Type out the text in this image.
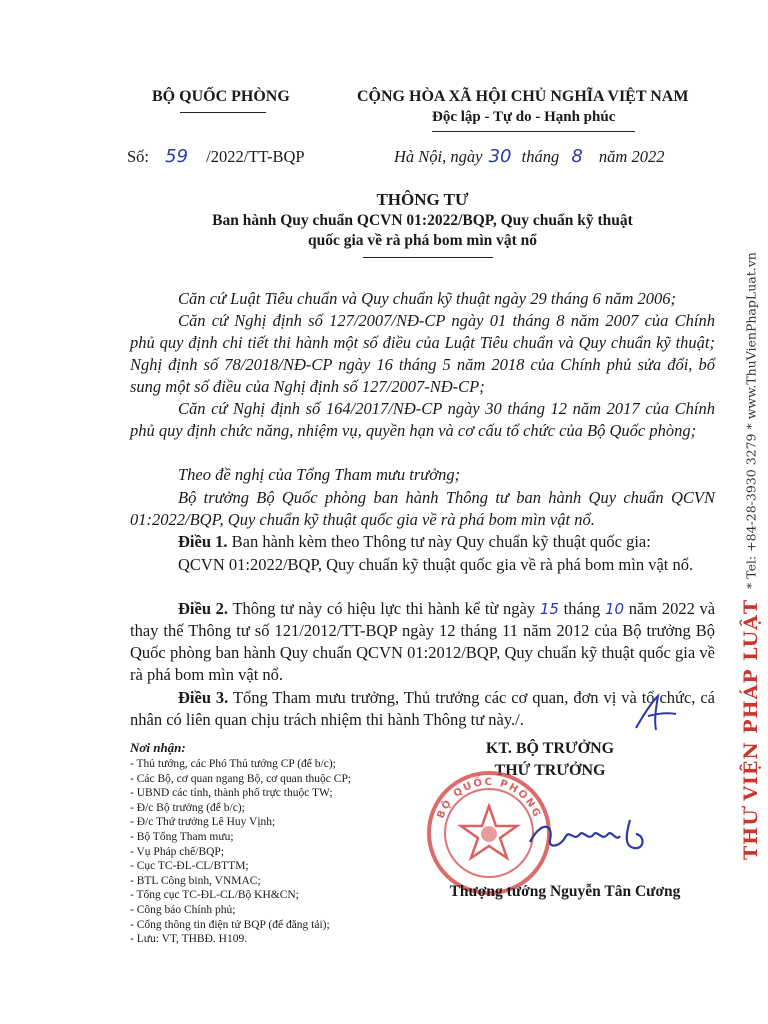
BỘ QUỐC PHÒNG	CỘNG HÒA XÃ HỘI CHỦ NGHĨA VIỆT NAM
Độc lập - Tự do - Hạnh phúc
Số: 59 /2022/TT-BQP	Hà Nội, ngày 30 tháng 8 năm 2022
THÔNG TƯ
Ban hành Quy chuẩn QCVN 01:2022/BQP, Quy chuẩn kỹ thuật
quốc gia về rà phá bom mìn vật nổ
Căn cứ Luật Tiêu chuẩn và Quy chuẩn kỹ thuật ngày 29 tháng 6 năm 2006;
Căn cứ Nghị định số 127/2007/NĐ-CP ngày 01 tháng 8 năm 2007 của Chính phủ quy định chi tiết thi hành một số điều của Luật Tiêu chuẩn và Quy chuẩn kỹ thuật; Nghị định số 78/2018/NĐ-CP ngày 16 tháng 5 năm 2018 của Chính phủ sửa đổi, bổ sung một số điều của Nghị định số 127/2007-NĐ-CP;
Căn cứ Nghị định số 164/2017/NĐ-CP ngày 30 tháng 12 năm 2017 của Chính phủ quy định chức năng, nhiệm vụ, quyền hạn và cơ cấu tổ chức của Bộ Quốc phòng;
Theo đề nghị của Tổng Tham mưu trưởng;
Bộ trưởng Bộ Quốc phòng ban hành Thông tư ban hành Quy chuẩn QCVN 01:2022/BQP, Quy chuẩn kỹ thuật quốc gia về rà phá bom mìn vật nổ.
Điều 1. Ban hành kèm theo Thông tư này Quy chuẩn kỹ thuật quốc gia:
QCVN 01:2022/BQP, Quy chuẩn kỹ thuật quốc gia về rà phá bom mìn vật nổ.
Điều 2. Thông tư này có hiệu lực thi hành kể từ ngày 15 tháng 10 năm 2022 và thay thế Thông tư số 121/2012/TT-BQP ngày 12 tháng 11 năm 2012 của Bộ trưởng Bộ Quốc phòng ban hành Quy chuẩn QCVN 01:2012/BQP, Quy chuẩn kỹ thuật quốc gia về rà phá bom mìn vật nổ.
Điều 3. Tổng Tham mưu trưởng, Thủ trưởng các cơ quan, đơn vị và tổ chức, cá nhân có liên quan chịu trách nhiệm thi hành Thông tư này./.
Nơi nhận:
- Thủ tướng, các Phó Thủ tướng CP (để b/c);
- Các Bộ, cơ quan ngang Bộ, cơ quan thuộc CP;
- UBND các tỉnh, thành phố trực thuộc TW;
- Đ/c Bộ trưởng (để b/c);
- Đ/c Thứ trưởng Lê Huy Vịnh;
- Bộ Tổng Tham mưu;
- Vụ Pháp chế/BQP;
- Cục TC-ĐL-CL/BTTM;
- BTL Công binh, VNMAC;
- Tổng cục TC-ĐL-CL/Bộ KH&CN;
- Công báo Chính phủ;
- Cổng thông tin điện tử BQP (để đăng tải);
- Lưu: VT, THBĐ. H109.
KT. BỘ TRƯỞNG
THỨ TRƯỞNG
BỘ QUỐC PHÒNG
Thượng tướng Nguyễn Tân Cương
THƯ VIỆN PHÁP LUẬT
* Tel: +84-28-3930 3279 * www.ThuVienPhapLuat.vn
